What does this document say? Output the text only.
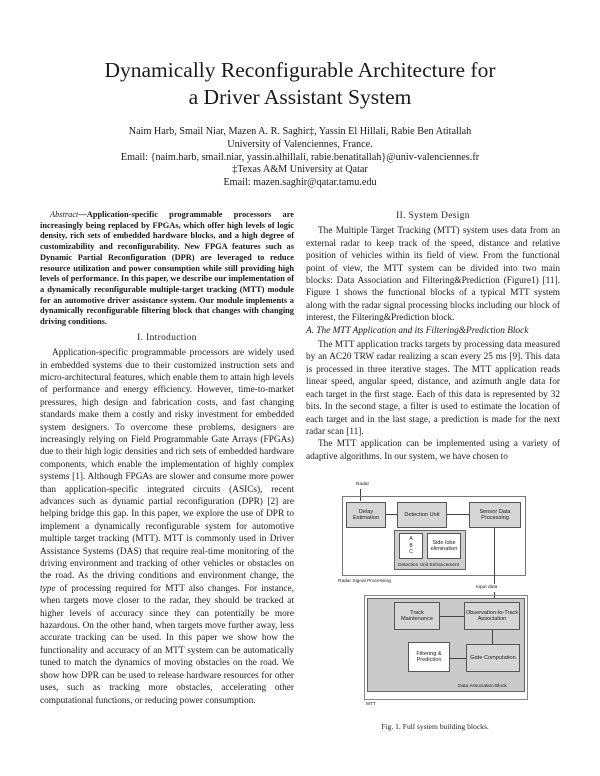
Dynamically Reconfigurable Architecture for
a Driver Assistant System
Naim Harb, Smail Niar, Mazen A. R. Saghir‡, Yassin El Hillali, Rabie Ben Atitallah
University of Valenciennes, France.
Email: {naim.harb, smail.niar, yassin.alhillali, rabie.benatitallah}@univ-valenciennes.fr
‡Texas A&M University at Qatar
Email: mazen.saghir@qatar.tamu.edu

Abstract—Application-specific programmable processors are increasingly being replaced by FPGAs, which offer high levels of logic density, rich sets of embedded hardware blocks, and a high degree of customizability and reconfigurability. New FPGA features such as Dynamic Partial Reconfiguration (DPR) are leveraged to reduce resource utilization and power consumption while still providing high levels of performance. In this paper, we describe our implementation of a dynamically reconfigurable multiple-target tracking (MTT) module for an automotive driver assistance system. Our module implements a dynamically reconfigurable filtering block that changes with changing driving conditions.

I. Introduction

Application-specific programmable processors are widely used in embedded systems due to their customized instruction sets and micro-architectural features, which enable them to attain high levels of performance and energy efficiency. However, time-to-market pressures, high design and fabrication costs, and fast changing standards make them a costly and risky investment for embedded system designers. To overcome these problems, designers are increasingly relying on Field Programmable Gate Arrays (FPGAs) due to their high logic densities and rich sets of embedded hardware components, which enable the implementation of highly complex systems [1]. Although FPGAs are slower and consume more power than application-specific integrated circuits (ASICs), recent advances such as dynamic partial reconfiguration (DPR) [2] are helping bridge this gap. In this paper, we explore the use of DPR to implement a dynamically reconfigurable system for automotive multiple target tracking (MTT). MTT is commonly used in Driver Assistance Systems (DAS) that require real-time monitoring of the driving environment and tracking of other vehicles or obstacles on the road. As the driving conditions and environment change, the type of processing required for MTT also changes. For instance, when targets move closer to the radar, they should be tracked at higher levels of accuracy since they can potentially be more hazardous. On the other hand, when targets move further away, less accurate tracking can be used. In this paper we show how the functionality and accuracy of an MTT system can be automatically tuned to match the dynamics of moving obstacles on the road. We show how DPR can be used to release hardware resources for other uses, such as tracking more obstacles, accelerating other computational functions, or reducing power consumption.

II. System Design

The Multiple Target Tracking (MTT) system uses data from an external radar to keep track of the speed, distance and relative position of vehicles within its field of view. From the functional point of view, the MTT system can be divided into two main blocks: Data Association and Filtering&Prediction (Figure1) [11]. Figure 1 shows the functional blocks of a typical MTT system along with the radar signal processing blocks including our block of interest, the Filtering&Prediction block.

A. The MTT Application and its Filtering&Prediction Block

The MTT application tracks targets by processing data measured by an AC20 TRW radar realizing a scan every 25 ms [9]. This data is processed in three iterative stages. The MTT application reads linear speed, angular speed, distance, and azimuth angle data for each target in the first stage. Each of this data is represented by 32 bits. In the second stage, a filter is used to estimate the location of each target and in the last stage, a prediction is made for the next radar scan [11].

The MTT application can be implemented using a variety of adaptive algorithms. In our system, we have chosen to

Radar
Delay Estimation
Detection Unit
Sensor Data Processing
A
B
C
Side lobe elimination
Detection Unit Enhancement
Radar Signal Processing
Input data
Track Maintenance
Observation-to-Track Association
Filtering & Prediction	Gate Computation
Data Association Block
MTT
Fig. 1. Full system building blocks.
